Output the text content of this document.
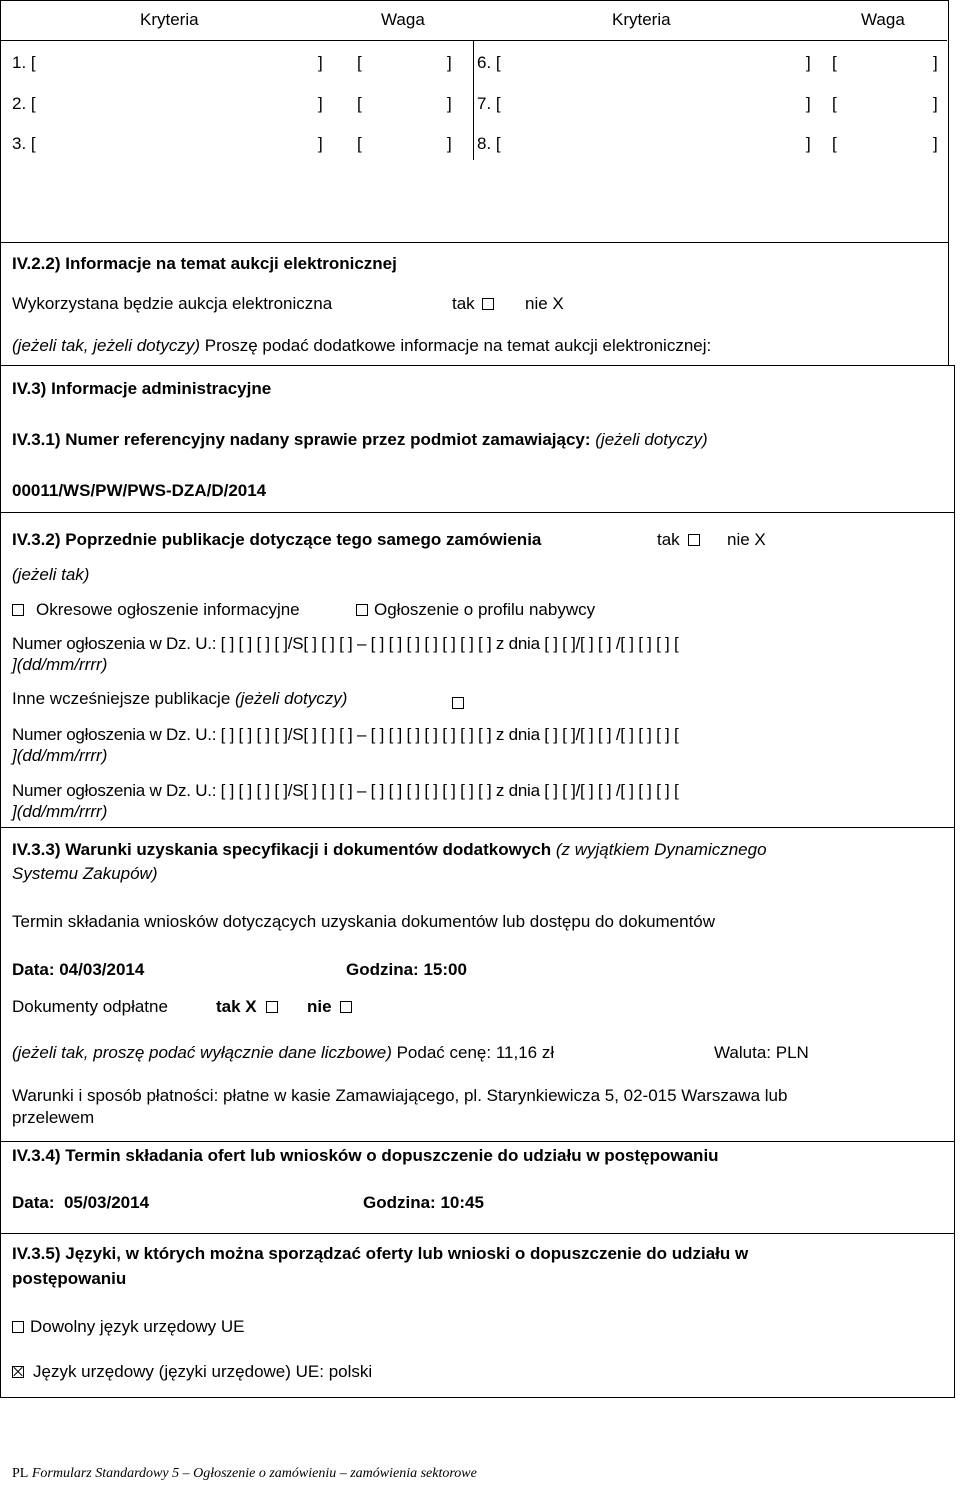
Kryteria	Waga	Kryteria	Waga
1. [	] [	] 6. [	] [	]
2. [	] [	] 7. [	] [	]
3. [	] [	] 8. [	] [	]
IV.2.2) Informacje na temat aukcji elektronicznej
Wykorzystana będzie aukcja elektroniczna	tak	nie X
(jeżeli tak, jeżeli dotyczy) Proszę podać dodatkowe informacje na temat aukcji elektronicznej:
IV.3) Informacje administracyjne
IV.3.1) Numer referencyjny nadany sprawie przez podmiot zamawiający: (jeżeli dotyczy)
00011/WS/PW/PWS-DZA/D/2014
IV.3.2) Poprzednie publikacje dotyczące tego samego zamówienia	tak	nie X
(jeżeli tak)
Okresowe ogłoszenie informacyjne	Ogłoszenie o profilu nabywcy
Numer ogłoszenia w Dz. U.: [ ] [ ] [ ] [ ]/S[ ] [ ] [ ] – [ ] [ ] [ ] [ ] [ ] [ ] [ ] z dnia [ ] [ ]/[ ] [ ] /[ ] [ ] [ ] [
](dd/mm/rrrr)
Inne wcześniejsze publikacje (jeżeli dotyczy)
Numer ogłoszenia w Dz. U.: [ ] [ ] [ ] [ ]/S[ ] [ ] [ ] – [ ] [ ] [ ] [ ] [ ] [ ] [ ] z dnia [ ] [ ]/[ ] [ ] /[ ] [ ] [ ] [
](dd/mm/rrrr)
Numer ogłoszenia w Dz. U.: [ ] [ ] [ ] [ ]/S[ ] [ ] [ ] – [ ] [ ] [ ] [ ] [ ] [ ] [ ] z dnia [ ] [ ]/[ ] [ ] /[ ] [ ] [ ] [
](dd/mm/rrrr)
IV.3.3) Warunki uzyskania specyfikacji i dokumentów dodatkowych (z wyjątkiem Dynamicznego
Systemu Zakupów)
Termin składania wniosków dotyczących uzyskania dokumentów lub dostępu do dokumentów
Data: 04/03/2014	Godzina: 15:00
Dokumenty odpłatne	tak X	nie
(jeżeli tak, proszę podać wyłącznie dane liczbowe) Podać cenę: 11,16 zł	Waluta: PLN
Warunki i sposób płatności: płatne w kasie Zamawiającego, pl. Starynkiewicza 5, 02-015 Warszawa lub
przelewem
IV.3.4) Termin składania ofert lub wniosków o dopuszczenie do udziału w postępowaniu
Data:  05/03/2014	Godzina: 10:45
IV.3.5) Języki, w których można sporządzać oferty lub wnioski o dopuszczenie do udziału w
postępowaniu
Dowolny język urzędowy UE
Język urzędowy (języki urzędowe) UE: polski
PL Formularz Standardowy 5 – Ogłoszenie o zamówieniu – zamówienia sektorowe
